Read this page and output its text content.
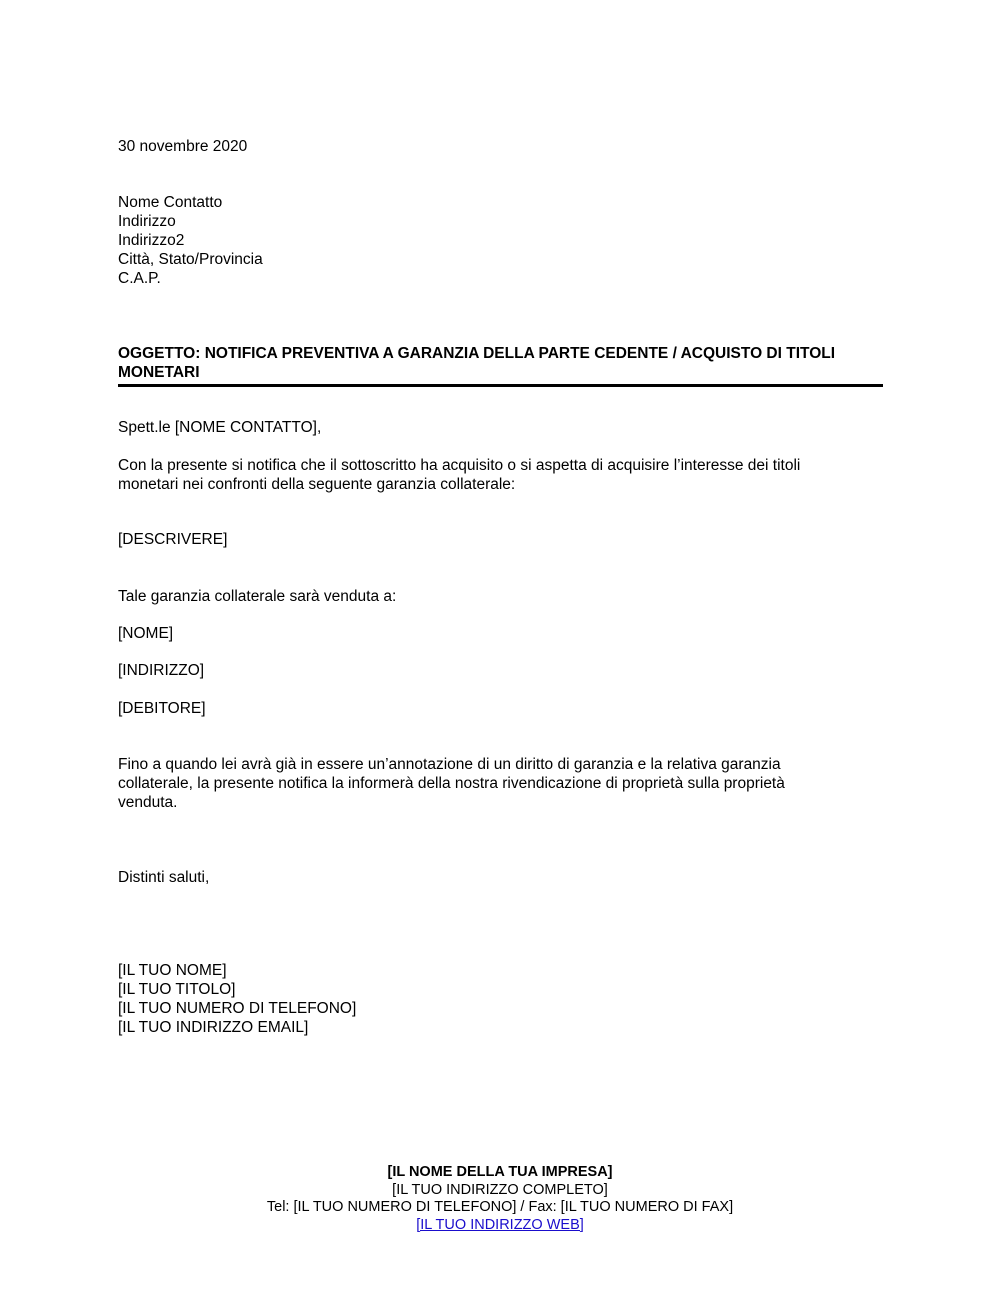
30 novembre 2020
Nome Contatto
Indirizzo
Indirizzo2
Città, Stato/Provincia
C.A.P.
OGGETTO: NOTIFICA PREVENTIVA A GARANZIA DELLA PARTE CEDENTE / ACQUISTO DI TITOLI
MONETARI
Spett.le [NOME CONTATTO],
Con la presente si notifica che il sottoscritto ha acquisito o si aspetta di acquisire l’interesse dei titoli
monetari nei confronti della seguente garanzia collaterale:
[DESCRIVERE]
Tale garanzia collaterale sarà venduta a:
[NOME]
[INDIRIZZO]
[DEBITORE]
Fino a quando lei avrà già in essere un’annotazione di un diritto di garanzia e la relativa garanzia
collaterale, la presente notifica la informerà della nostra rivendicazione di proprietà sulla proprietà
venduta.
Distinti saluti,
[IL TUO NOME]
[IL TUO TITOLO]
[IL TUO NUMERO DI TELEFONO]
[IL TUO INDIRIZZO EMAIL]
[IL NOME DELLA TUA IMPRESA]
[IL TUO INDIRIZZO COMPLETO]
Tel: [IL TUO NUMERO DI TELEFONO] / Fax: [IL TUO NUMERO DI FAX]
[IL TUO INDIRIZZO WEB]
